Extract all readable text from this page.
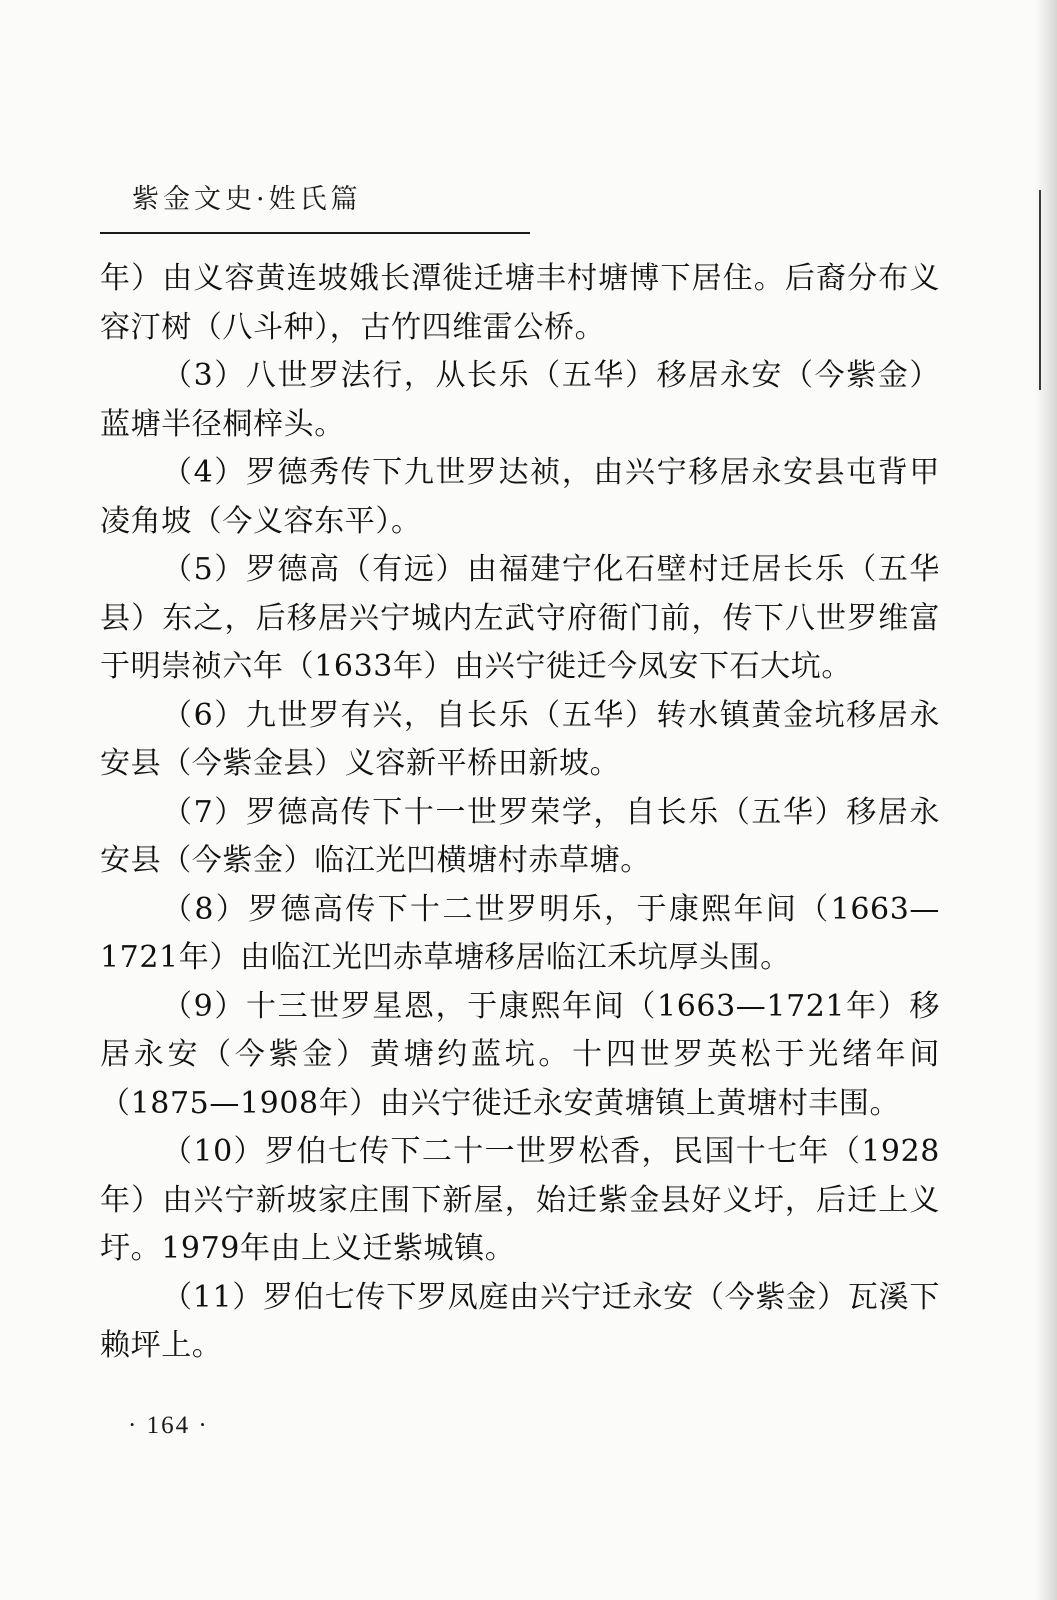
紫金文史·姓氏篇

年）由义容黄连坡娥长潭徙迁塘丰村塘博下居住。后裔分布义容汀树（八斗种），古竹四维雷公桥。

（3）八世罗法行，从长乐（五华）移居永安（今紫金）蓝塘半径桐梓头。

（4）罗德秀传下九世罗达祯，由兴宁移居永安县屯背甲凌角坡（今义容东平）。

（5）罗德高（有远）由福建宁化石壁村迁居长乐（五华县）东之，后移居兴宁城内左武守府衙门前，传下八世罗维富于明崇祯六年（1633年）由兴宁徙迁今凤安下石大坑。

（6）九世罗有兴，自长乐（五华）转水镇黄金坑移居永安县（今紫金县）义容新平桥田新坡。

（7）罗德高传下十一世罗荣学，自长乐（五华）移居永安县（今紫金）临江光凹横塘村赤草塘。

（8）罗德高传下十二世罗明乐，于康熙年间（1663—1721年）由临江光凹赤草塘移居临江禾坑厚头围。

（9）十三世罗星恩，于康熙年间（1663—1721年）移居永安（今紫金）黄塘约蓝坑。十四世罗英松于光绪年间（1875—1908年）由兴宁徙迁永安黄塘镇上黄塘村丰围。

（10）罗伯七传下二十一世罗松香，民国十七年（1928年）由兴宁新坡家庄围下新屋，始迁紫金县好义圩，后迁上义圩。1979年由上义迁紫城镇。

（11）罗伯七传下罗凤庭由兴宁迁永安（今紫金）瓦溪下赖坪上。

· 164 ·
